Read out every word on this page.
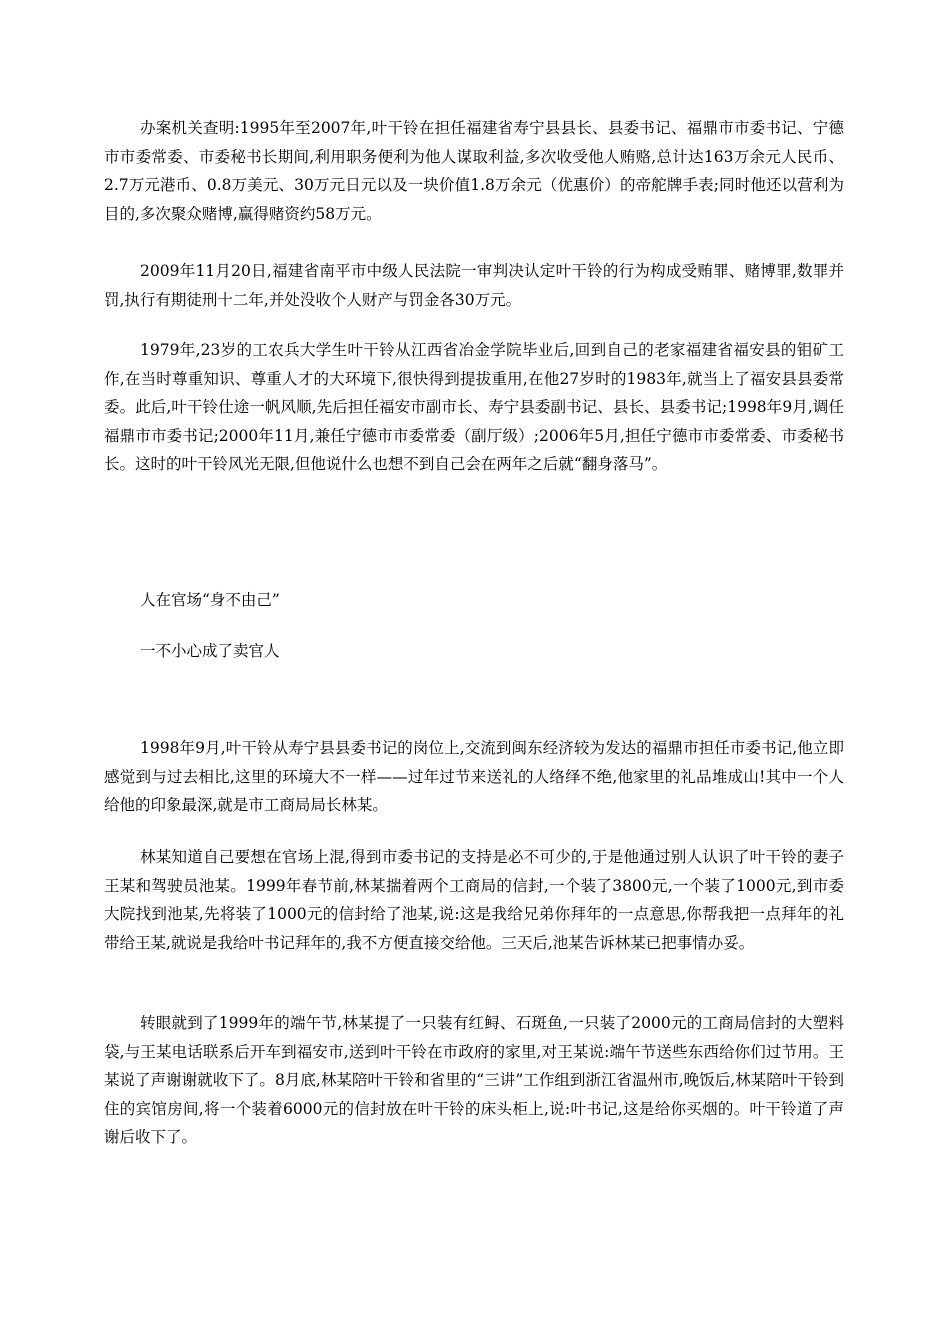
办案机关查明:1995年至2007年,叶干铃在担任福建省寿宁县县长、县委书记、福鼎市市委书记、宁德市市委常委、市委秘书长期间,利用职务便利为他人谋取利益,多次收受他人贿赂,总计达163万余元人民币、2.7万元港币、0.8万美元、30万元日元以及一块价值1.8万余元（优惠价）的帝舵牌手表;同时他还以营利为目的,多次聚众赌博,赢得赌资约58万元。

2009年11月20日,福建省南平市中级人民法院一审判决认定叶干铃的行为构成受贿罪、赌博罪,数罪并罚,执行有期徒刑十二年,并处没收个人财产与罚金各30万元。

1979年,23岁的工农兵大学生叶干铃从江西省冶金学院毕业后,回到自己的老家福建省福安县的钼矿工作,在当时尊重知识、尊重人才的大环境下,很快得到提拔重用,在他27岁时的1983年,就当上了福安县县委常委。此后,叶干铃仕途一帆风顺,先后担任福安市副市长、寿宁县委副书记、县长、县委书记;1998年9月,调任福鼎市市委书记;2000年11月,兼任宁德市市委常委（副厅级）;2006年5月,担任宁德市市委常委、市委秘书长。这时的叶干铃风光无限,但他说什么也想不到自己会在两年之后就“翻身落马”。

人在官场“身不由己”

一不小心成了卖官人

1998年9月,叶干铃从寿宁县县委书记的岗位上,交流到闽东经济较为发达的福鼎市担任市委书记,他立即感觉到与过去相比,这里的环境大不一样——过年过节来送礼的人络绎不绝,他家里的礼品堆成山!其中一个人给他的印象最深,就是市工商局局长林某。

林某知道自己要想在官场上混,得到市委书记的支持是必不可少的,于是他通过别人认识了叶干铃的妻子王某和驾驶员池某。1999年春节前,林某揣着两个工商局的信封,一个装了3800元,一个装了1000元,到市委大院找到池某,先将装了1000元的信封给了池某,说:这是我给兄弟你拜年的一点意思,你帮我把一点拜年的礼带给王某,就说是我给叶书记拜年的,我不方便直接交给他。三天后,池某告诉林某已把事情办妥。

转眼就到了1999年的端午节,林某提了一只装有红鲟、石斑鱼,一只装了2000元的工商局信封的大塑料袋,与王某电话联系后开车到福安市,送到叶干铃在市政府的家里,对王某说:端午节送些东西给你们过节用。王某说了声谢谢就收下了。8月底,林某陪叶干铃和省里的“三讲”工作组到浙江省温州市,晚饭后,林某陪叶干铃到住的宾馆房间,将一个装着6000元的信封放在叶干铃的床头柜上,说:叶书记,这是给你买烟的。叶干铃道了声谢后收下了。
